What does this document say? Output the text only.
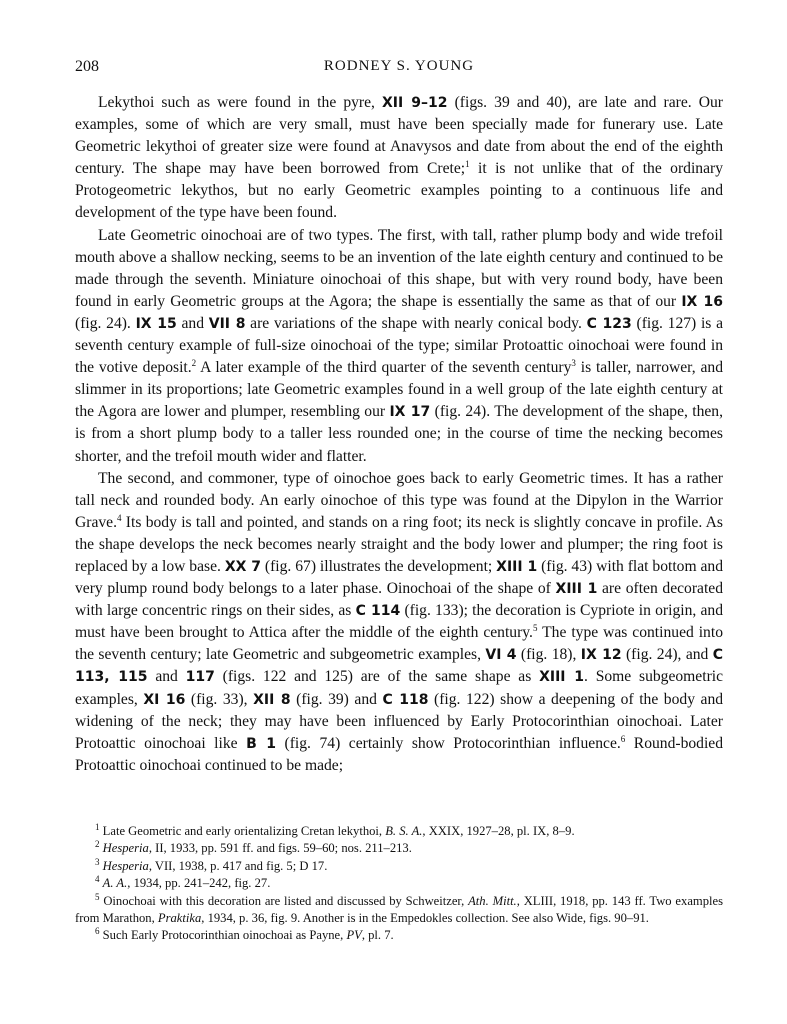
208	RODNEY S. YOUNG

Lekythoi such as were found in the pyre, XII 9–12 (figs. 39 and 40), are late and rare. Our examples, some of which are very small, must have been specially made for funerary use. Late Geometric lekythoi of greater size were found at Anavysos and date from about the end of the eighth century. The shape may have been borrowed from Crete;$^1$ it is not unlike that of the ordinary Protogeometric lekythos, but no early Geometric examples pointing to a continuous life and development of the type have been found.

Late Geometric oinochoai are of two types. The first, with tall, rather plump body and wide trefoil mouth above a shallow necking, seems to be an invention of the late eighth century and continued to be made through the seventh. Miniature oinochoai of this shape, but with very round body, have been found in early Geometric groups at the Agora; the shape is essentially the same as that of our IX 16 (fig. 24). IX 15 and VII 8 are variations of the shape with nearly conical body. C 123 (fig. 127) is a seventh century example of full-size oinochoai of the type; similar Protoattic oinochoai were found in the votive deposit.$^2$ A later example of the third quarter of the seventh century$^3$ is taller, narrower, and slimmer in its proportions; late Geometric examples found in a well group of the late eighth century at the Agora are lower and plumper, resembling our IX 17 (fig. 24). The development of the shape, then, is from a short plump body to a taller less rounded one; in the course of time the necking becomes shorter, and the trefoil mouth wider and flatter.

The second, and commoner, type of oinochoe goes back to early Geometric times. It has a rather tall neck and rounded body. An early oinochoe of this type was found at the Dipylon in the Warrior Grave.$^4$ Its body is tall and pointed, and stands on a ring foot; its neck is slightly concave in profile. As the shape develops the neck becomes nearly straight and the body lower and plumper; the ring foot is replaced by a low base. XX 7 (fig. 67) illustrates the development; XIII 1 (fig. 43) with flat bottom and very plump round body belongs to a later phase. Oinochoai of the shape of XIII 1 are often decorated with large concentric rings on their sides, as C 114 (fig. 133); the decoration is Cypriote in origin, and must have been brought to Attica after the middle of the eighth century.$^5$ The type was continued into the seventh century; late Geometric and subgeometric examples, VI 4 (fig. 18), IX 12 (fig. 24), and C 113, 115 and 117 (figs. 122 and 125) are of the same shape as XIII 1. Some subgeometric examples, XI 16 (fig. 33), XII 8 (fig. 39) and C 118 (fig. 122) show a deepening of the body and widening of the neck; they may have been influenced by Early Protocorinthian oinochoai. Later Protoattic oinochoai like B 1 (fig. 74) certainly show Protocorinthian influence.$^6$ Round-bodied Protoattic oinochoai continued to be made;

$^1$ Late Geometric and early orientalizing Cretan lekythoi, B. S. A., XXIX, 1927–28, pl. IX, 8–9.

$^2$ Hesperia, II, 1933, pp. 591 ff. and figs. 59–60; nos. 211–213.

$^3$ Hesperia, VII, 1938, p. 417 and fig. 5; D 17.

$^4$ A. A., 1934, pp. 241–242, fig. 27.

$^5$ Oinochoai with this decoration are listed and discussed by Schweitzer, Ath. Mitt., XLIII, 1918, pp. 143 ff. Two examples from Marathon, Praktika, 1934, p. 36, fig. 9. Another is in the Empedokles collection. See also Wide, figs. 90–91.

$^6$ Such Early Protocorinthian oinochoai as Payne, PV, pl. 7.
